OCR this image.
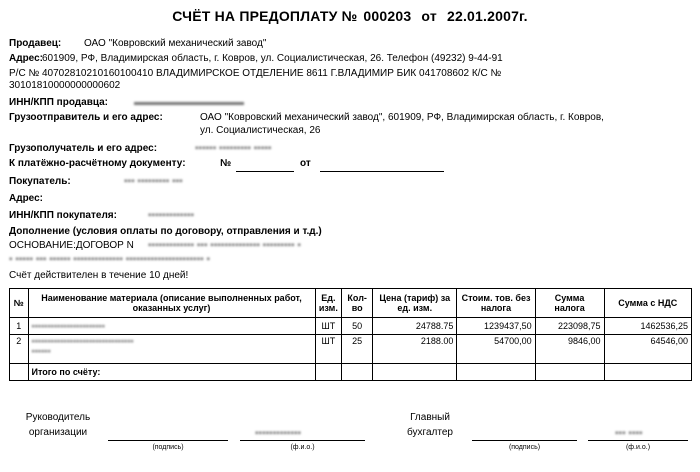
СЧЁТ НА ПРЕДОПЛАТУ № 000203 от 22.01.2007г.
Продавец: ОАО "Ковровский механический завод"
Адрес: 601909, РФ, Владимирская область, г. Ковров, ул. Социалистическая, 26. Телефон (49232) 9-44-91
Р/С № 40702810210160100410 ВЛАДИМИРСКОЕ ОТДЕЛЕНИЕ 8611 Г.ВЛАДИМИР БИК 041708602 К/С №
30101810000000000602
ИНН/КПП продавца:	▬▬▬▬▬▬▬▬▬▬▬
Грузоотправитель и его адрес:	ОАО "Ковровский механический завод", 601909, РФ, Владимирская область, г. Ковров,
ул. Социалистическая, 26
Грузополучатель и его адрес:	▪▪▪▪▪▪ ▪▪▪▪▪▪▪▪▪ ▪▪▪▪▪
К платёжно-расчётному документу:	№	от
Покупатель:	▪▪▪ ▪▪▪▪▪▪▪▪▪ ▪▪▪
Адрес:
ИНН/КПП покупателя:	▪▪▪▪▪▪▪▪▪▪▪▪▪
Дополнение (условия оплаты по договору, отправления и т.д.)
ОСНОВАНИЕ:ДОГОВОР N ▪▪▪▪▪▪▪▪▪▪▪▪▪ ▪▪▪ ▪▪▪▪▪▪▪▪▪▪▪▪▪▪ ▪▪▪▪▪▪▪▪▪ ▪
▪ ▪▪▪▪▪ ▪▪▪ ▪▪▪▪▪▪ ▪▪▪▪▪▪▪▪▪▪▪▪▪▪ ▪▪▪▪▪▪▪▪▪▪▪▪▪▪▪▪▪▪▪▪▪▪ ▪
Счёт действителен в течение 10 дней!
№	Наименование материала (описание выполненных работ, оказанных услуг)	Ед. изм.	Кол-во	Цена (тариф) за ед. изм.	Стоим. тов. без налога	Сумма налога	Сумма с НДС
1	▪▪▪▪▪▪▪▪▪▪▪▪▪▪▪▪▪▪▪▪▪▪▪	ШТ	50	24788.75	1239437,50	223098,75	1462536,25
2	▪▪▪▪▪▪▪▪▪▪▪▪▪▪▪▪▪▪▪▪▪▪▪▪▪▪▪▪▪▪▪▪
▪▪▪▪▪▪	ШТ	25	2188.00	54700,00	9846,00	64546,00
	Итого по счёту:						
Руководитель
организации
(подпись)
▪▪▪▪▪▪▪▪▪▪▪▪▪
(ф.и.о.)
Главный
бухгалтер
(подпись)
▪▪▪ ▪▪▪▪
(ф.и.о.)
